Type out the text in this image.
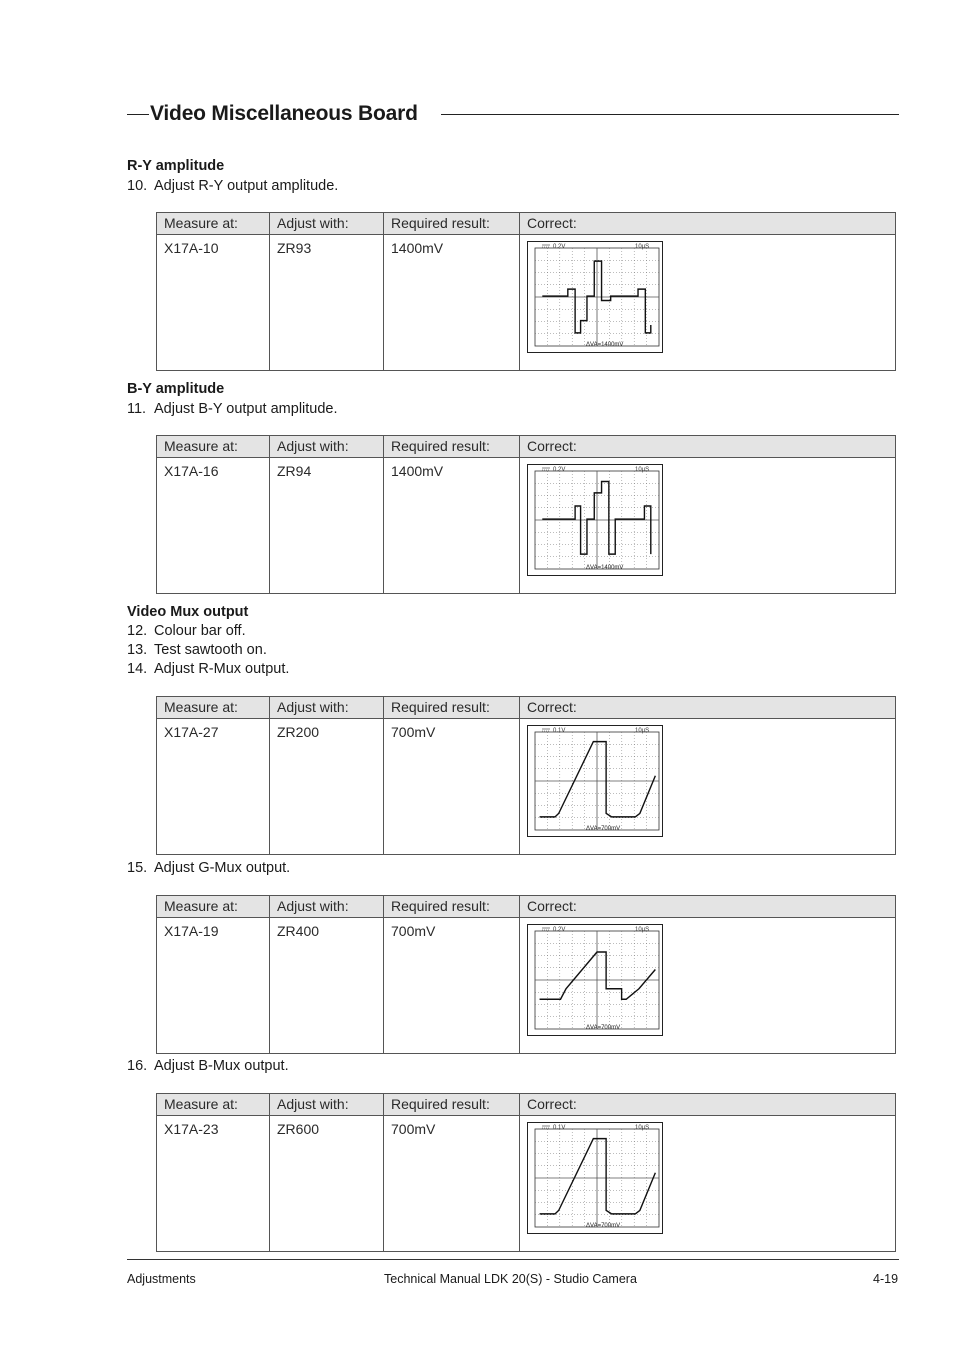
Video Miscellaneous Board
R-Y amplitude
10. Adjust R-Y output amplitude.
Measure at:	Adjust with:	Required result:	Correct:
X17A-10	ZR93	1400mV	0.2V 10µS
ΔVA=1400mV
B-Y amplitude
11. Adjust B-Y output amplitude.
Measure at:	Adjust with:	Required result:	Correct:
X17A-16	ZR94	1400mV	0.2V 10µS
ΔVA=1400mV
Video Mux output
12. Colour bar off.
13. Test sawtooth on.
14. Adjust R-Mux output.
Measure at:	Adjust with:	Required result:	Correct:
X17A-27	ZR200	700mV	0.1V 10µS
ΔVA=700mV
15. Adjust G-Mux output.
Measure at:	Adjust with:	Required result:	Correct:
X17A-19	ZR400	700mV	0.2V 10µS
ΔVA=700mV
16. Adjust B-Mux output.
Measure at:	Adjust with:	Required result:	Correct:
X17A-23	ZR600	700mV	0.1V 10µS
ΔVA=700mV
Adjustments	Technical Manual LDK 20(S) - Studio Camera	4-19
